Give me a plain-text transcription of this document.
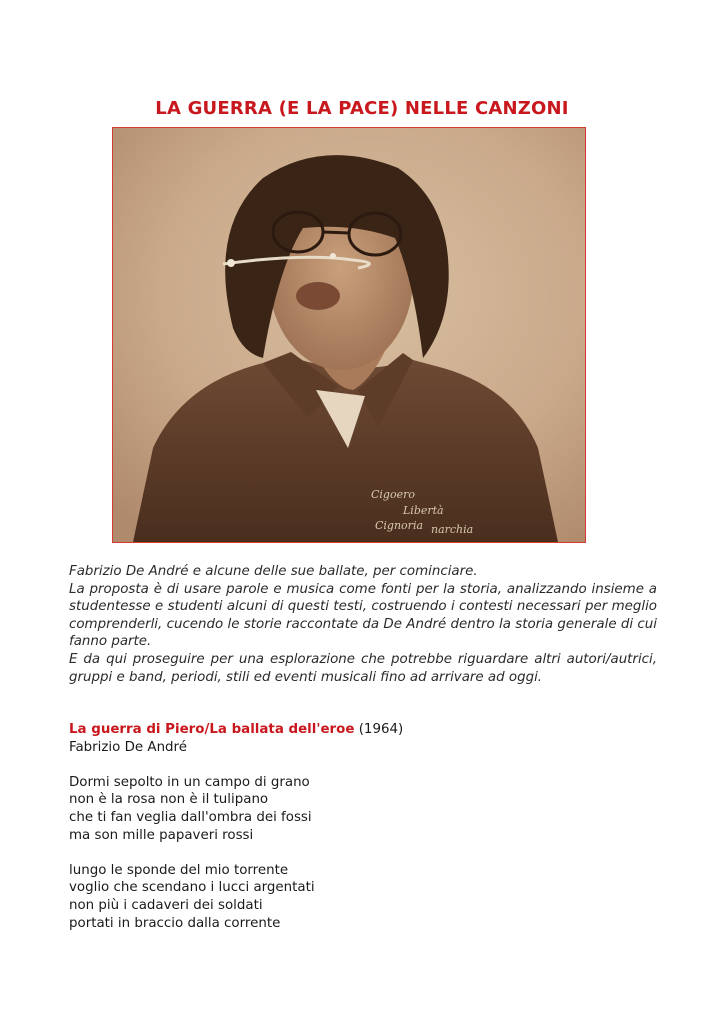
LA GUERRA (E LA PACE) NELLE CANZONI
Cigoero
Libertà
Cignoria narchia

Fabrizio De André e alcune delle sue ballate, per cominciare.

La proposta è di usare parole e musica come fonti per la storia, analizzando insieme a studentesse e studenti alcuni di questi testi, costruendo i contesti necessari per meglio comprenderli, cucendo le storie raccontate da De André dentro la storia generale di cui fanno parte.

E da qui proseguire per una esplorazione che potrebbe riguardare altri autori/autrici, gruppi e band, periodi, stili ed eventi musicali fino ad arrivare ad oggi.

La guerra di Piero/La ballata dell'eroe (1964)

Fabrizio De André

Dormi sepolto in un campo di grano
non è la rosa non è il tulipano
che ti fan veglia dall'ombra dei fossi
ma son mille papaveri rossi
lungo le sponde del mio torrente
voglio che scendano i lucci argentati
non più i cadaveri dei soldati
portati in braccio dalla corrente
